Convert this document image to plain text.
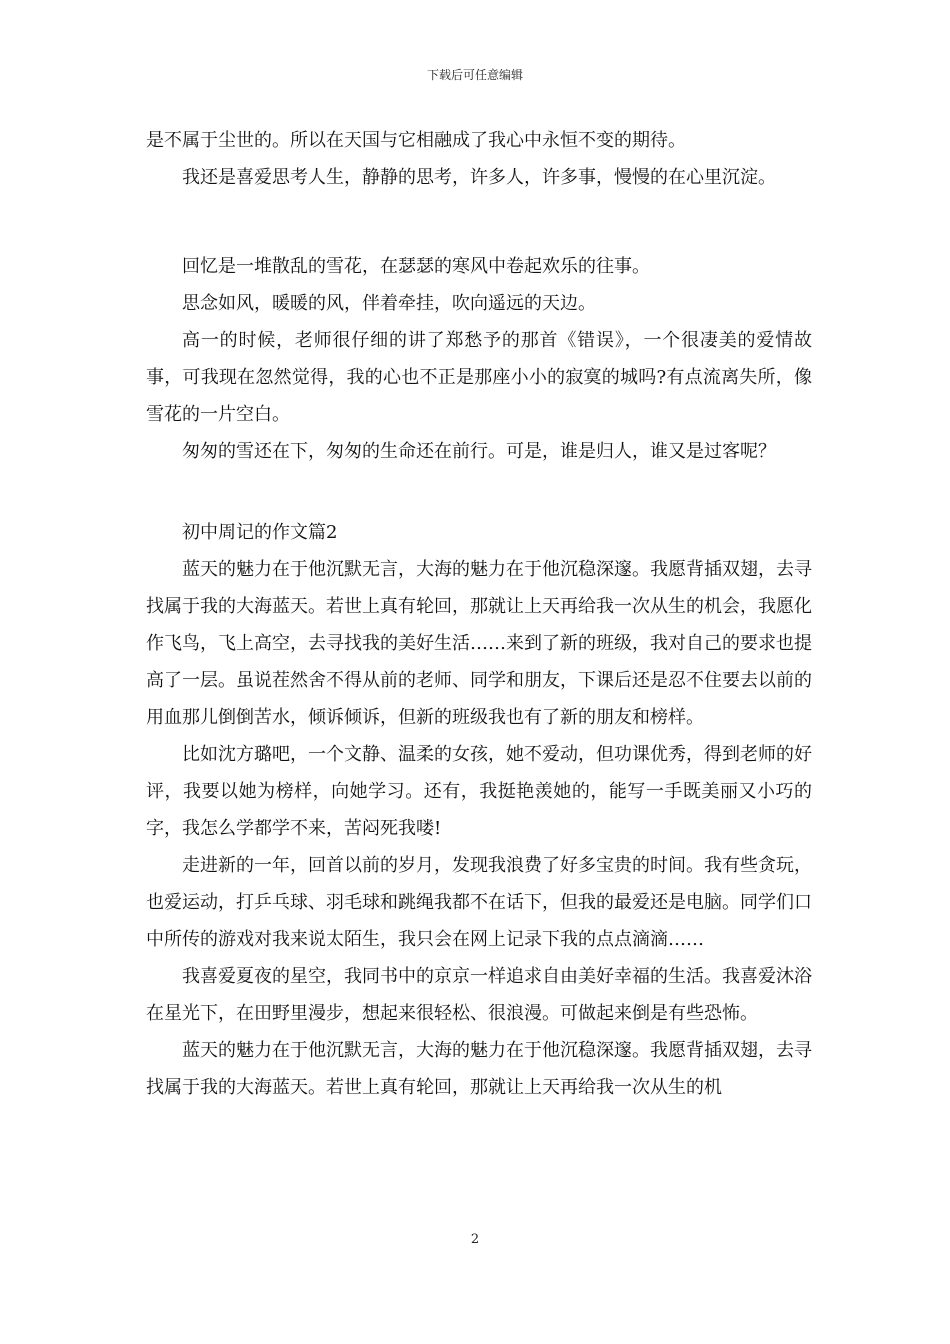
下载后可任意编辑

是不属于尘世的。所以在天国与它相融成了我心中永恒不变的期待。

我还是喜爱思考人生，静静的思考，许多人，许多事，慢慢的在心里沉淀。

回忆是一堆散乱的雪花，在瑟瑟的寒风中卷起欢乐的往事。

思念如风，暖暖的风，伴着牵挂，吹向遥远的天边。

高一的时候，老师很仔细的讲了郑愁予的那首《错误》，一个很凄美的爱情故事，可我现在忽然觉得，我的心也不正是那座小小的寂寞的城吗?有点流离失所，像雪花的一片空白。

匆匆的雪还在下，匆匆的生命还在前行。可是，谁是归人，谁又是过客呢？

初中周记的作文篇2

蓝天的魅力在于他沉默无言，大海的魅力在于他沉稳深邃。我愿背插双翅，去寻找属于我的大海蓝天。若世上真有轮回，那就让上天再给我一次从生的机会，我愿化作飞鸟，飞上高空，去寻找我的美好生活……来到了新的班级，我对自己的要求也提高了一层。虽说茬然舍不得从前的老师、同学和朋友，下课后还是忍不住要去以前的用血那儿倒倒苦水，倾诉倾诉，但新的班级我也有了新的朋友和榜样。

比如沈方璐吧，一个文静、温柔的女孩，她不爱动，但功课优秀，得到老师的好评，我要以她为榜样，向她学习。还有，我挺艳羡她的，能写一手既美丽又小巧的字，我怎么学都学不来，苦闷死我喽!

走进新的一年，回首以前的岁月，发现我浪费了好多宝贵的时间。我有些贪玩，也爱运动，打乒乓球、羽毛球和跳绳我都不在话下，但我的最爱还是电脑。同学们口中所传的游戏对我来说太陌生，我只会在网上记录下我的点点滴滴……

我喜爱夏夜的星空，我同书中的京京一样追求自由美好幸福的生活。我喜爱沐浴在星光下，在田野里漫步，想起来很轻松、很浪漫。可做起来倒是有些恐怖。

蓝天的魅力在于他沉默无言，大海的魅力在于他沉稳深邃。我愿背插双翅，去寻找属于我的大海蓝天。若世上真有轮回，那就让上天再给我一次从生的机

2
